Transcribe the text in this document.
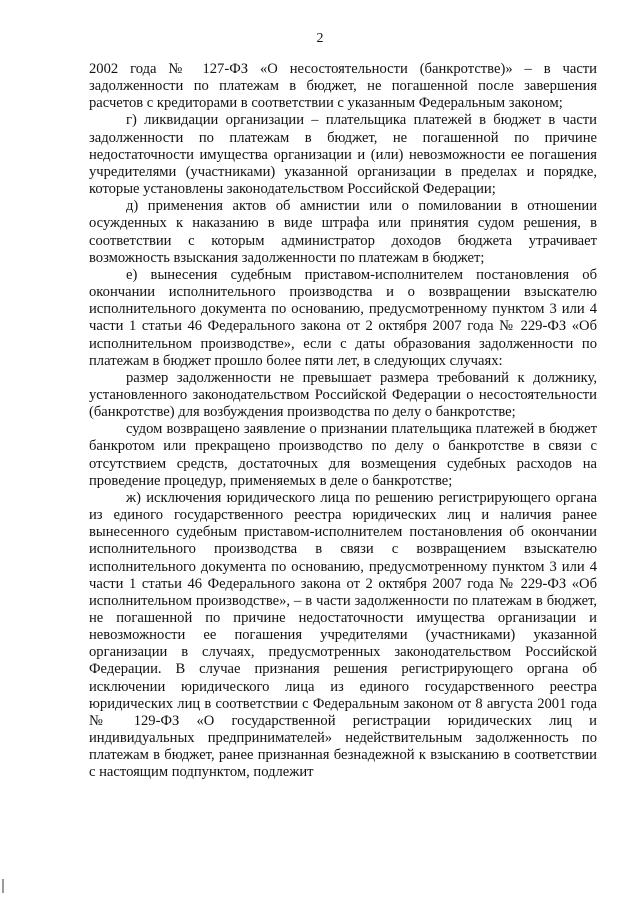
2

2002 года № 127-ФЗ «О несостоятельности (банкротстве)» – в части задолженности по платежам в бюджет, не погашенной после завершения расчетов с кредиторами в соответствии с указанным Федеральным законом;

г) ликвидации организации – плательщика платежей в бюджет в части задолженности по платежам в бюджет, не погашенной по причине недостаточности имущества организации и (или) невозможности ее погашения учредителями (участниками) указанной организации в пределах и порядке, которые установлены законодательством Российской Федерации;

д) применения актов об амнистии или о помиловании в отношении осужденных к наказанию в виде штрафа или принятия судом решения, в соответствии с которым администратор доходов бюджета утрачивает возможность взыскания задолженности по платежам в бюджет;

е) вынесения судебным приставом-исполнителем постановления об окончании исполнительного производства и о возвращении взыскателю исполнительного документа по основанию, предусмотренному пунктом 3 или 4 части 1 статьи 46 Федерального закона от 2 октября 2007 года № 229-ФЗ «Об исполнительном производстве», если с даты образования задолженности по платежам в бюджет прошло более пяти лет, в следующих случаях:

размер задолженности не превышает размера требований к должнику, установленного законодательством Российской Федерации о несостоятельности (банкротстве) для возбуждения производства по делу о банкротстве;

судом возвращено заявление о признании плательщика платежей в бюджет банкротом или прекращено производство по делу о банкротстве в связи с отсутствием средств, достаточных для возмещения судебных расходов на проведение процедур, применяемых в деле о банкротстве;

ж) исключения юридического лица по решению регистрирующего органа из единого государственного реестра юридических лиц и наличия ранее вынесенного судебным приставом-исполнителем постановления об окончании исполнительного производства в связи с возвращением взыскателю исполнительного документа по основанию, предусмотренному пунктом 3 или 4 части 1 статьи 46 Федерального закона от 2 октября 2007 года № 229-ФЗ «Об исполнительном производстве», – в части задолженности по платежам в бюджет, не погашенной по причине недостаточности имущества организации и невозможности ее погашения учредителями (участниками) указанной организации в случаях, предусмотренных законодательством Российской Федерации. В случае признания решения регистрирующего органа об исключении юридического лица из единого государственного реестра юридических лиц в соответствии с Федеральным законом от 8 августа 2001 года № 129-ФЗ «О государственной регистрации юридических лиц и индивидуальных предпринимателей» недействительным задолженность по платежам в бюджет, ранее признанная безнадежной к взысканию в соответствии с настоящим подпунктом, подлежит
